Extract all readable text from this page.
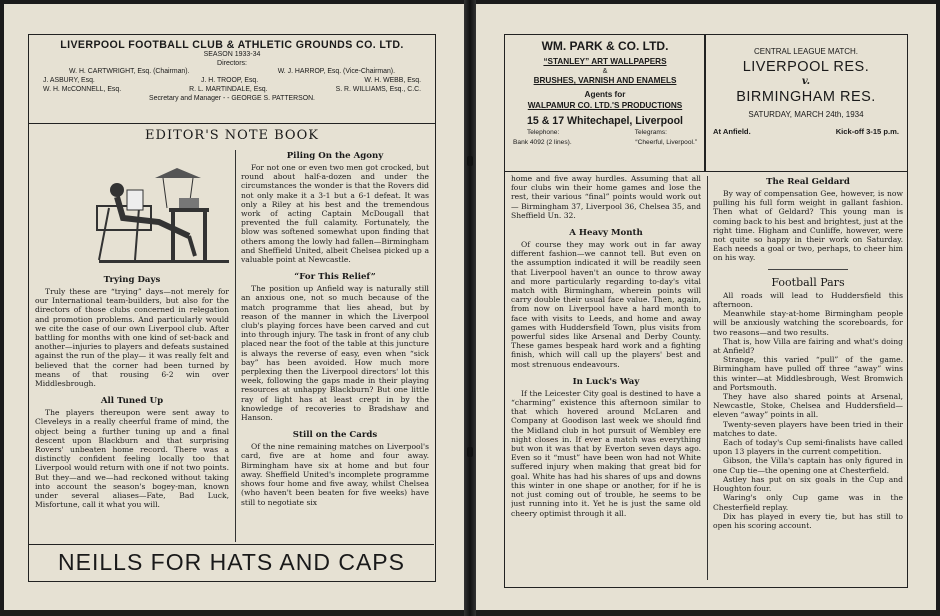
LIVERPOOL FOOTBALL CLUB & ATHLETIC GROUNDS CO. LTD.
SEASON 1933-34
Directors:
W. H. CARTWRIGHT, Esq. (Chairman).	W. J. HARROP, Esq. (Vice-Chairman).
J. ASBURY, Esq.	J. H. TROOP, Esq.	W. H. WEBB, Esq.
W. H. McCONNELL, Esq.	R. L. MARTINDALE, Esq.	S. R. WILLIAMS, Esq., C.C.
Secretary and Manager - - GEORGE S. PATTERSON.
EDITOR'S NOTE BOOK
Trying Days

Truly these are “trying” days—not merely for our International team-builders, but also for the directors of those clubs concerned in relegation and promotion problems. And particularly would we cite the case of our own Liverpool club. After battling for months with one kind of set-back and another—injuries to players and defeats sustained against the run of the play— it was really felt and believed that the corner had been turned by means of that rousing 6-2 win over Middlesbrough.

All Tuned Up

The players thereupon were sent away to Cleveleys in a really cheerful frame of mind, the object being a further tuning up and a final descent upon Blackburn and that surprising Rovers' unbeaten home record. There was a distinctly confident feeling locally too that Liverpool would return with one if not two points. But they—and we—had reckoned without taking into account the season's bogey-man, known under several aliases—Fate, Bad Luck, Misfortune, call it what you will.

Piling On the Agony

For not one or even two men got crocked, but round about half-a-dozen and under the circumstances the wonder is that the Rovers did not only make it a 3-1 but a 6-1 defeat. It was only a Riley at his best and the tremendous work of acting Captain McDougall that prevented the full calamity. Fortunately, the blow was softened somewhat upon finding that others among the lowly had fallen—Birmingham and Sheffield United, albeit Chelsea picked up a valuable point at Newcastle.

“For This Relief”

The position up Anfield way is naturally still an anxious one, not so much because of the match programme that lies ahead, but by reason of the manner in which the Liverpool club's playing forces have been carved and cut into through injury. The task in front of any club placed near the foot of the table at this juncture is always the reverse of easy, even when “sick bay” has been avoided. How much more perplexing then the Liverpool directors' lot this week, following the gaps made in their playing resources at unhappy Blackburn? But one little ray of light has at least crept in by the knowledge of recoveries to Bradshaw and Hanson.

Still on the Cards

Of the nine remaining matches on Liverpool's card, five are at home and four away. Birmingham have six at home and but four away. Sheffield United's incomplete programme shows four home and five away, whilst Chelsea (who haven't been beaten for five weeks) have still to negotiate six

NEILLS FOR HATS AND CAPS
WM. PARK & CO. LTD.
“STANLEY” ART WALLPAPERS
&
BRUSHES, VARNISH AND ENAMELS
Agents for
WALPAMUR CO. LTD.'S PRODUCTIONS
15 & 17 Whitechapel, Liverpool
Telephone:	Telegrams:
Bank 4092 (2 lines).	“Cheerful, Liverpool.”
CENTRAL LEAGUE MATCH.
LIVERPOOL RES.
v.
BIRMINGHAM RES.
SATURDAY, MARCH 24th, 1934
At Anfield.	Kick-off 3-15 p.m.

home and five away hurdles. Assuming that all four clubs win their home games and lose the rest, their various “final” points would work out— Birmingham 37, Liverpool 36, Chelsea 35, and Sheffield Un. 32.

A Heavy Month

Of course they may work out in far away different fashion—we cannot tell. But even on the assumption indicated it will be readily seen that Liverpool haven't an ounce to throw away and more particularly regarding to-day's vital match with Birmingham, wherein points will carry double their usual face value. Then, again, from now on Liverpool have a hard month to face with visits to Leeds, and home and away games with Huddersfield Town, plus visits from powerful sides like Arsenal and Derby County. These games bespeak hard work and a fighting finish, which will call up the players' best and most strenuous endeavours.

In Luck's Way

If the Leicester City goal is destined to have a “charming” existence this afternoon similar to that which hovered around McLaren and Company at Goodison last week we should find the Midland club in hot pursuit of Wembley ere night closes in. If ever a match was everything but won it was that by Everton seven days ago. Even so it “must” have been won had not White suffered injury when making that great bid for goal. White has had his shares of ups and downs this winter in one shape or another, for if he is not just coming out of trouble, he seems to be just running into it. Yet he is just the same old cheery optimist through it all.

The Real Geldard

By way of compensation Gee, however, is now pulling his full form weight in gallant fashion. Then what of Geldard? This young man is coming back to his best and brightest, just at the right time. Higham and Cunliffe, however, were not quite so happy in their work on Saturday. Each needs a goal or two, perhaps, to cheer him on his way.

Football Pars

All roads will lead to Huddersfield this afternoon.

Meanwhile stay-at-home Birmingham people will be anxiously watching the scoreboards, for two reasons—and two results.

That is, how Villa are fairing and what's doing at Anfield?

Strange, this varied “pull” of the game. Birmingham have pulled off three “away” wins this winter—at Middlesbrough, West Bromwich and Portsmouth.

They have also shared points at Arsenal, Newcastle, Stoke, Chelsea and Huddersfield—eleven “away” points in all.

Twenty-seven players have been tried in their matches to date.

Each of today's Cup semi-finalists have called upon 13 players in the current competition.

Gibson, the Villa's captain has only figured in one Cup tie—the opening one at Chesterfield.

Astley has put on six goals in the Cup and Houghton four.

Waring's only Cup game was in the Chesterfield replay.

Dix has played in every tie, but has still to open his scoring account.
